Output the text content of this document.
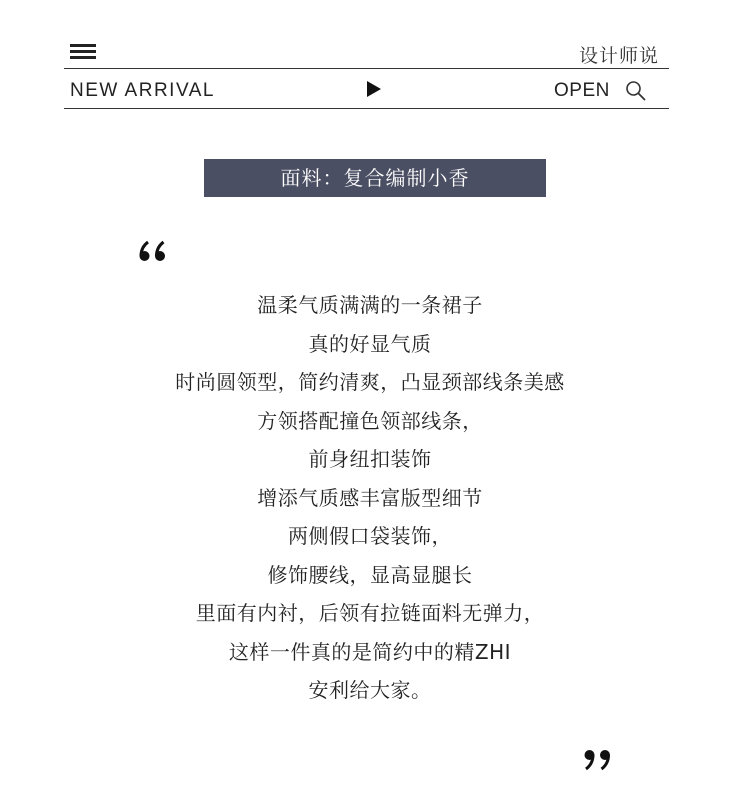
设计师说
NEW ARRIVAL	OPEN
面料：复合编制小香
温柔气质满满的一条裙子
真的好显气质
时尚圆领型，简约清爽，凸显颈部线条美感
方领搭配撞色领部线条，
前身纽扣装饰
增添气质感丰富版型细节
两侧假口袋装饰，
修饰腰线，显高显腿长
里面有内衬，后领有拉链面料无弹力，
这样一件真的是简约中的精ZHI
安利给大家。
